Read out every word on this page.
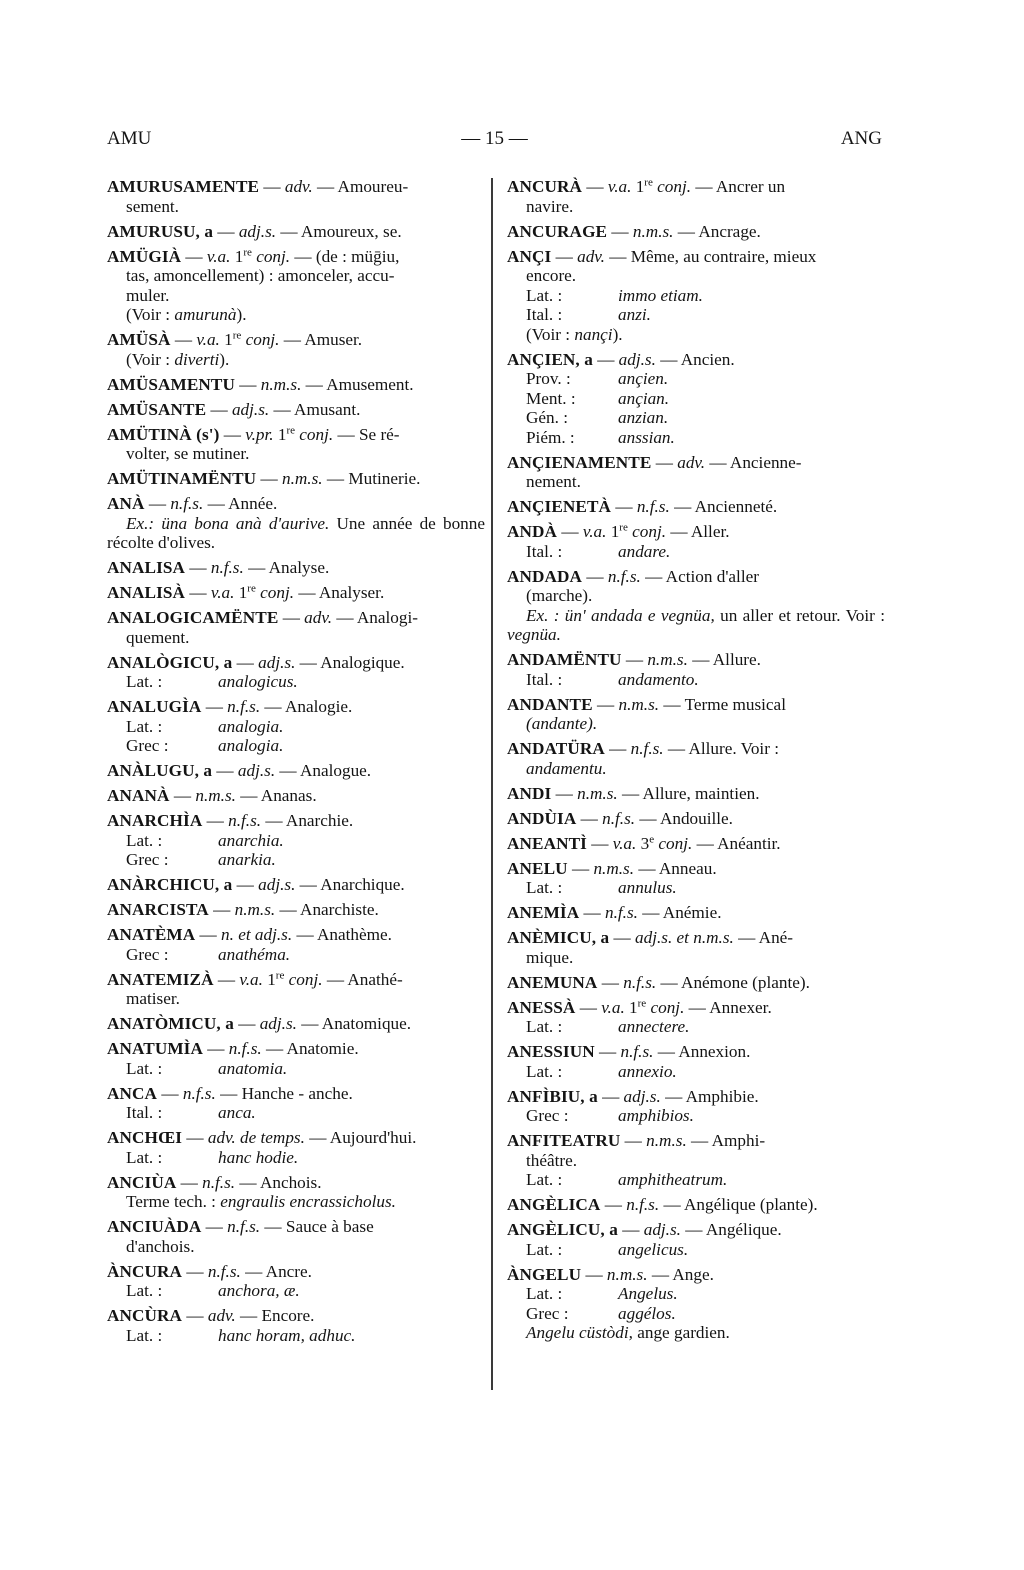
AMU	— 15 —	ANG
AMURUSAMENTE — adv. — Amoureu-
sement.
AMURUSU, a — adj.s. — Amoureux, se.
AMÜGIÀ — v.a. 1re conj. — (de : müḡiu,
tas, amoncellement) : amonceler, accu-
muler.
(Voir : amurunà).
AMÜSÀ — v.a. 1re conj. — Amuser.
(Voir : diverti).
AMÜSAMENTU — n.m.s. — Amusement.
AMÜSANTE — adj.s. — Amusant.
AMÜTINÀ (s') — v.pr. 1re conj. — Se ré-
volter, se mutiner.
AMÜTINAMËNTU — n.m.s. — Mutinerie.
ANÀ — n.f.s. — Année.
Ex.: üna bona anà d'aurive. Une année de bonne récolte d'olives.
ANALISA — n.f.s. — Analyse.
ANALISÀ — v.a. 1re conj. — Analyser.
ANALOGICAMËNTE — adv. — Analogi-
quement.
ANALÒGICU, a — adj.s. — Analogique.
Lat. :	analogicus.
ANALUGÌA — n.f.s. — Analogie.
Lat. :	analogia.
Grec :	analogia.
ANÀLUGU, a — adj.s. — Analogue.
ANANÀ — n.m.s. — Ananas.
ANARCHÌA — n.f.s. — Anarchie.
Lat. :	anarchia.
Grec :	anarkia.
ANÀRCHICU, a — adj.s. — Anarchique.
ANARCISTA — n.m.s. — Anarchiste.
ANATÈMA — n. et adj.s. — Anathème.
Grec :	anathéma.
ANATEMIZÀ — v.a. 1re conj. — Anathé-
matiser.
ANATÒMICU, a — adj.s. — Anatomique.
ANATUMÌA — n.f.s. — Anatomie.
Lat. :	anatomia.
ANCA — n.f.s. — Hanche - anche.
Ital. :	anca.
ANCHŒI — adv. de temps. — Aujourd'hui.
Lat. :	hanc hodie.
ANCIÙA — n.f.s. — Anchois.
Terme tech. : engraulis encrassicholus.
ANCIUÀDA — n.f.s. — Sauce à base
d'anchois.
ÀNCURA — n.f.s. — Ancre.
Lat. :	anchora, æ.
ANCÙRA — adv. — Encore.
Lat. :	hanc horam, adhuc.
ANCURÀ — v.a. 1re conj. — Ancrer un
navire.
ANCURAGE — n.m.s. — Ancrage.
ANÇI — adv. — Même, au contraire, mieux
encore.
Lat. :	immo etiam.
Ital. :	anzi.
(Voir : nançi).
ANÇIEN, a — adj.s. — Ancien.
Prov. :	ançien.
Ment. : ançian.
Gén. :	anzian.
Piém. :	anssian.
ANÇIENAMENTE — adv. — Ancienne-
nement.
ANÇIENETÀ — n.f.s. — Ancienneté.
ANDÀ — v.a. 1re conj. — Aller.
Ital. :	andare.
ANDADA — n.f.s. — Action d'aller
(marche).
Ex. : ün' andada e vegnüa, un aller et retour. Voir : vegnüa.
ANDAMËNTU — n.m.s. — Allure.
Ital. :	andamento.
ANDANTE — n.m.s. — Terme musical
(andante).
ANDATÜRA — n.f.s. — Allure. Voir :
andamentu.
ANDI — n.m.s. — Allure, maintien.
ANDÙIA — n.f.s. — Andouille.
ANEANTÌ — v.a. 3e conj. — Anéantir.
ANELU — n.m.s. — Anneau.
Lat. :	annulus.
ANEMÌA — n.f.s. — Anémie.
ANÈMICU, a — adj.s. et n.m.s. — Ané-
mique.
ANEMUNA — n.f.s. — Anémone (plante).
ANESSÀ — v.a. 1re conj. — Annexer.
Lat. :	annectere.
ANESSIUN — n.f.s. — Annexion.
Lat. :	annexio.
ANFÌBIU, a — adj.s. — Amphibie.
Grec :	amphibios.
ANFITEATRU — n.m.s. — Amphi-
théâtre.
Lat. :	amphitheatrum.
ANGÈLICA — n.f.s. — Angélique (plante).
ANGÈLICU, a — adj.s. — Angélique.
Lat. :	angelicus.
ÀNGELU — n.m.s. — Ange.
Lat. :	Angelus.
Grec :	aggélos.
Angelu cüstòdi, ange gardien.
